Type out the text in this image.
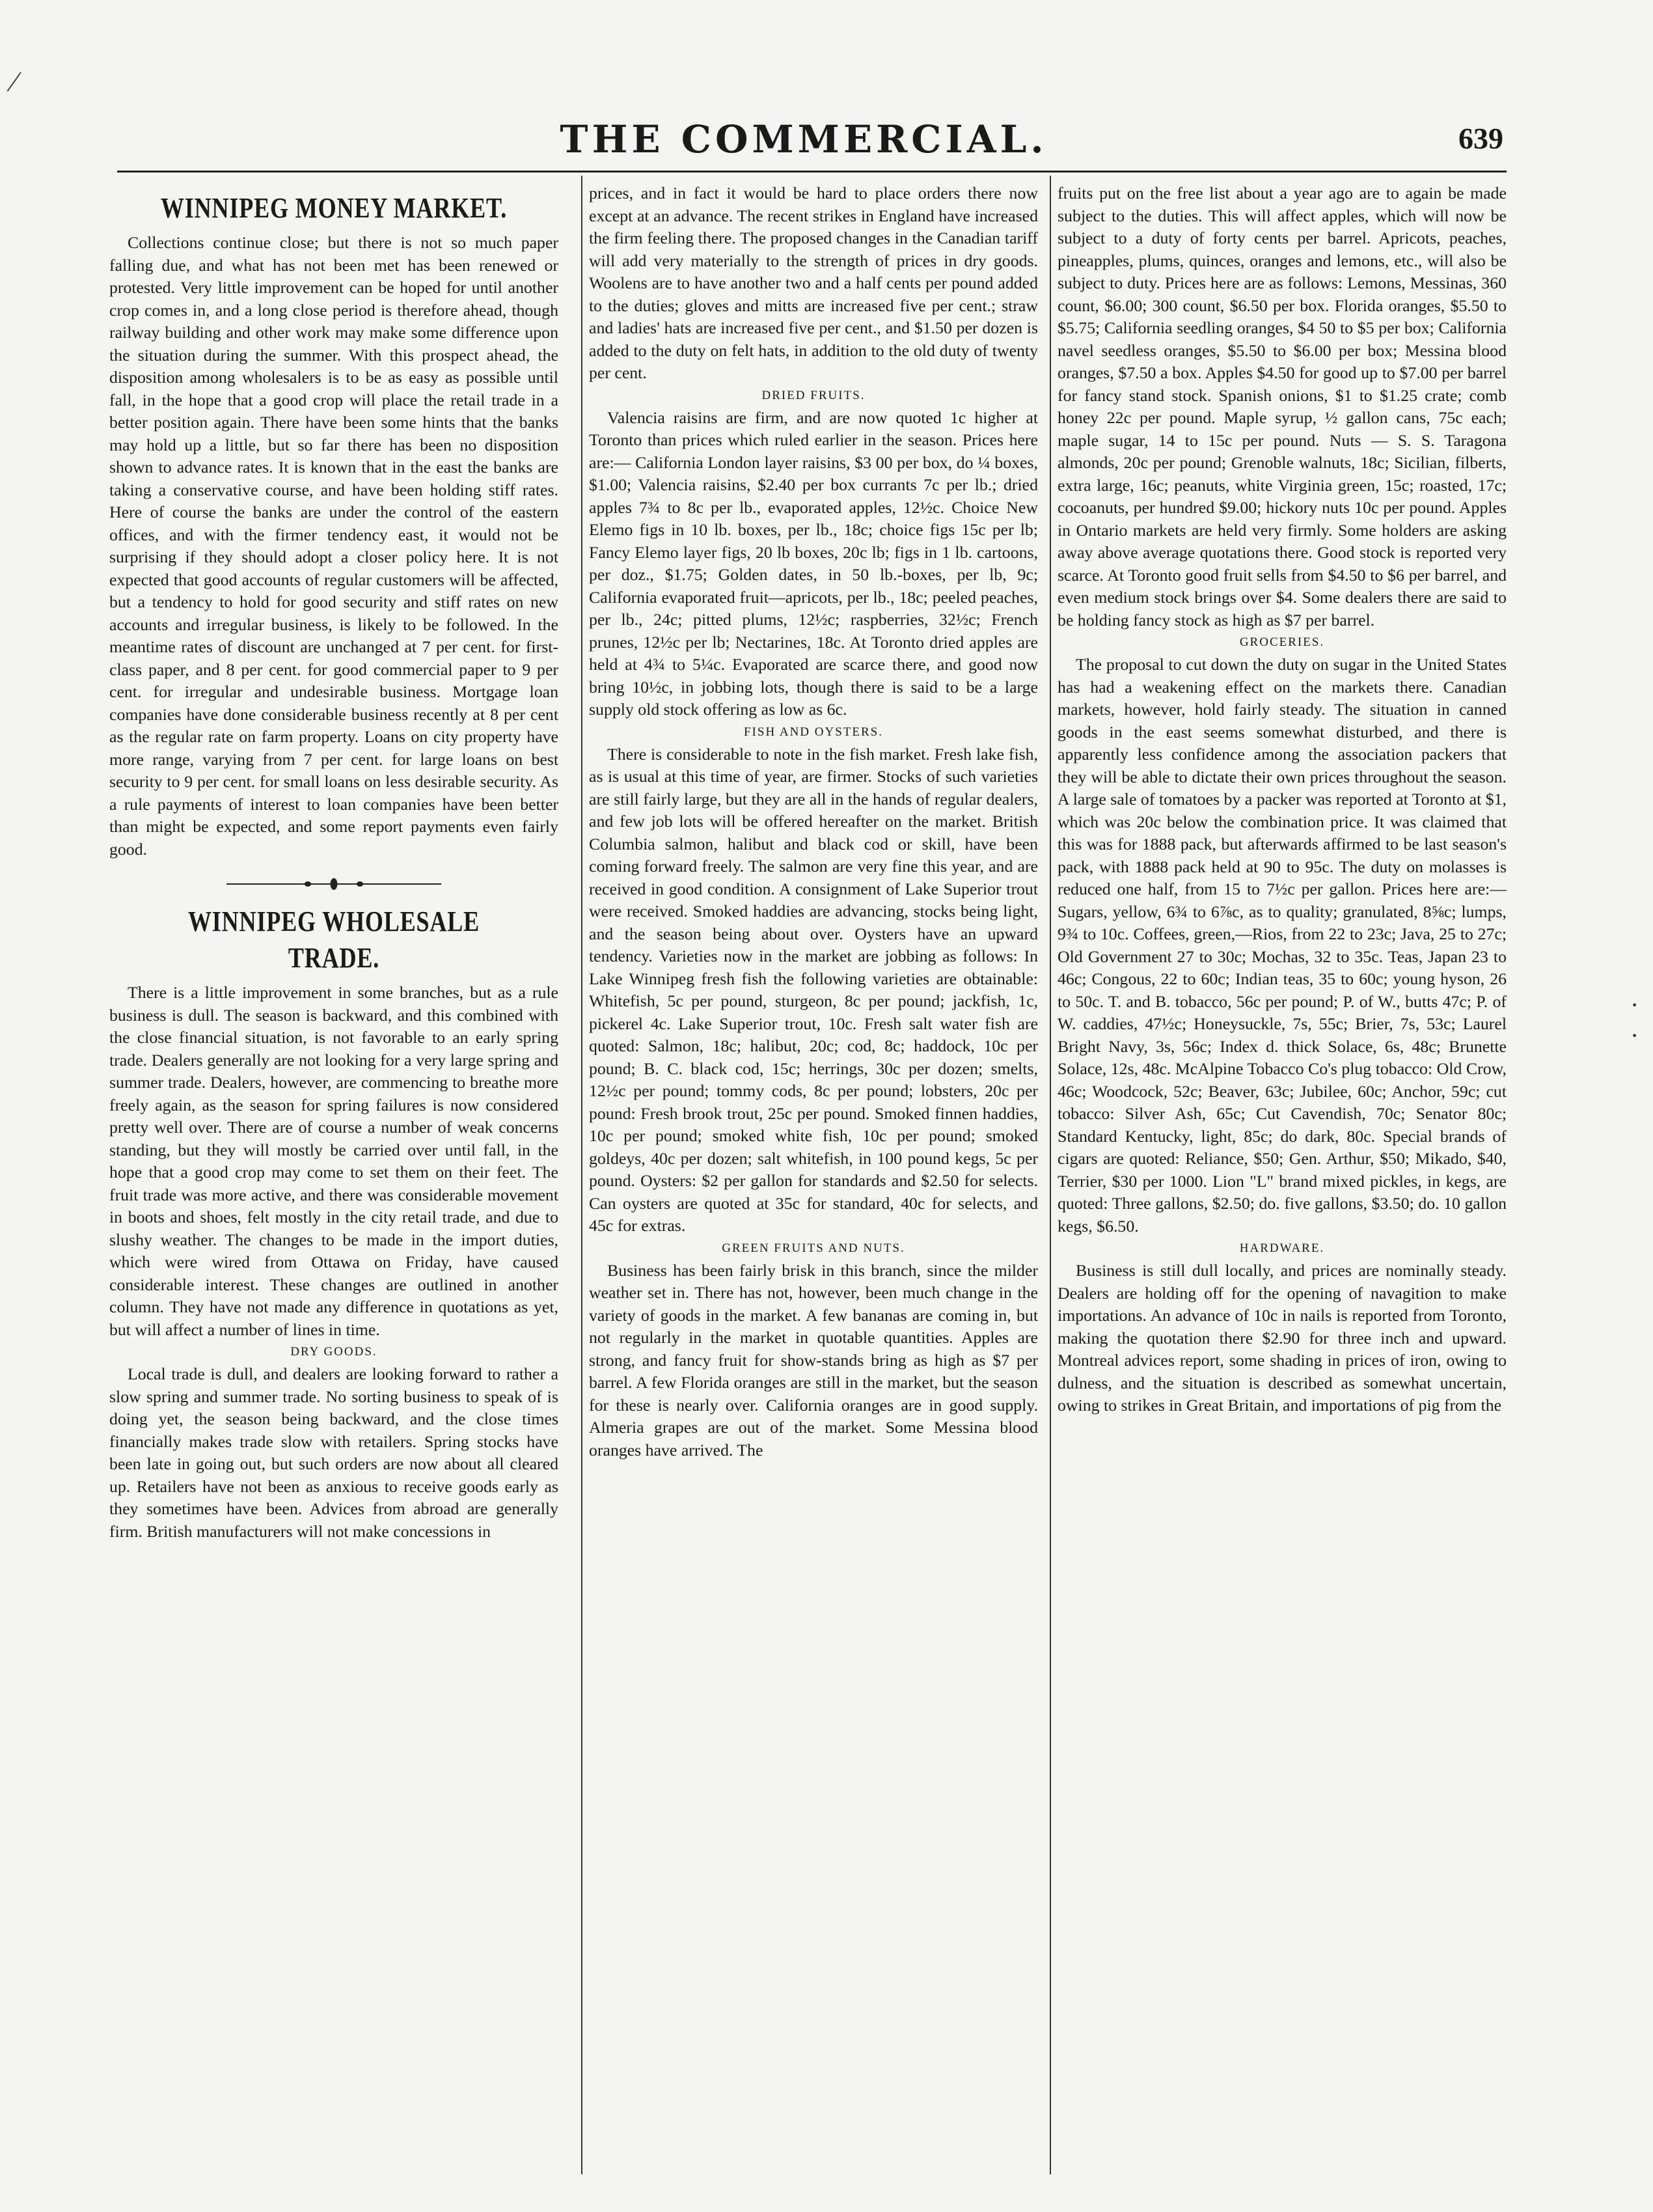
⁄
THE COMMERCIAL.	639
WINNIPEG MONEY MARKET.

Collections continue close; but there is not so much paper falling due, and what has not been met has been renewed or protested. Very little improvement can be hoped for until another crop comes in, and a long close period is therefore ahead, though railway building and other work may make some difference upon the situation during the summer. With this prospect ahead, the disposition among wholesalers is to be as easy as possible until fall, in the hope that a good crop will place the retail trade in a better position again. There have been some hints that the banks may hold up a little, but so far there has been no disposition shown to advance rates. It is known that in the east the banks are taking a conservative course, and have been holding stiff rates. Here of course the banks are under the control of the eastern offices, and with the firmer tendency east, it would not be surprising if they should adopt a closer policy here. It is not expected that good accounts of regular customers will be affected, but a tendency to hold for good security and stiff rates on new accounts and irregular business, is likely to be followed. In the meantime rates of discount are unchanged at 7 per cent. for first-class paper, and 8 per cent. for good commercial paper to 9 per cent. for irregular and undesirable business. Mortgage loan companies have done considerable business recently at 8 per cent as the regular rate on farm property. Loans on city property have more range, varying from 7 per cent. for large loans on best security to 9 per cent. for small loans on less desirable security. As a rule payments of interest to loan companies have been better than might be expected, and some report payments even fairly good.

WINNIPEG WHOLESALE TRADE.

There is a little improvement in some branches, but as a rule business is dull. The season is backward, and this combined with the close financial situation, is not favorable to an early spring trade. Dealers generally are not looking for a very large spring and summer trade. Dealers, however, are commencing to breathe more freely again, as the season for spring failures is now considered pretty well over. There are of course a number of weak concerns standing, but they will mostly be carried over until fall, in the hope that a good crop may come to set them on their feet. The fruit trade was more active, and there was considerable movement in boots and shoes, felt mostly in the city retail trade, and due to slushy weather. The changes to be made in the import duties, which were wired from Ottawa on Friday, have caused considerable interest. These changes are outlined in another column. They have not made any difference in quotations as yet, but will affect a number of lines in time.

DRY GOODS.

Local trade is dull, and dealers are looking forward to rather a slow spring and summer trade. No sorting business to speak of is doing yet, the season being backward, and the close times financially makes trade slow with retailers. Spring stocks have been late in going out, but such orders are now about all cleared up. Retailers have not been as anxious to receive goods early as they sometimes have been. Advices from abroad are generally firm. British manufacturers will not make concessions in

prices, and in fact it would be hard to place orders there now except at an advance. The recent strikes in England have increased the firm feeling there. The proposed changes in the Canadian tariff will add very materially to the strength of prices in dry goods. Woolens are to have another two and a half cents per pound added to the duties; gloves and mitts are increased five per cent.; straw and ladies' hats are increased five per cent., and $1.50 per dozen is added to the duty on felt hats, in addition to the old duty of twenty per cent.

DRIED FRUITS.

Valencia raisins are firm, and are now quoted 1c higher at Toronto than prices which ruled earlier in the season. Prices here are:— California London layer raisins, $3 00 per box, do ¼ boxes, $1.00; Valencia raisins, $2.40 per box currants 7c per lb.; dried apples 7¾ to 8c per lb., evaporated apples, 12½c. Choice New Elemo figs in 10 lb. boxes, per lb., 18c; choice figs 15c per lb; Fancy Elemo layer figs, 20 lb boxes, 20c lb; figs in 1 lb. cartoons, per doz., $1.75; Golden dates, in 50 lb.-boxes, per lb, 9c; California evaporated fruit—apricots, per lb., 18c; peeled peaches, per lb., 24c; pitted plums, 12½c; raspberries, 32½c; French prunes, 12½c per lb; Nectarines, 18c. At Toronto dried apples are held at 4¾ to 5¼c. Evaporated are scarce there, and good now bring 10½c, in jobbing lots, though there is said to be a large supply old stock offering as low as 6c.

FISH AND OYSTERS.

There is considerable to note in the fish market. Fresh lake fish, as is usual at this time of year, are firmer. Stocks of such varieties are still fairly large, but they are all in the hands of regular dealers, and few job lots will be offered hereafter on the market. British Columbia salmon, halibut and black cod or skill, have been coming forward freely. The salmon are very fine this year, and are received in good condition. A consignment of Lake Superior trout were received. Smoked haddies are advancing, stocks being light, and the season being about over. Oysters have an upward tendency. Varieties now in the market are jobbing as follows: In Lake Winnipeg fresh fish the following varieties are obtainable: Whitefish, 5c per pound, sturgeon, 8c per pound; jackfish, 1c, pickerel 4c. Lake Superior trout, 10c. Fresh salt water fish are quoted: Salmon, 18c; halibut, 20c; cod, 8c; haddock, 10c per pound; B. C. black cod, 15c; herrings, 30c per dozen; smelts, 12½c per pound; tommy cods, 8c per pound; lobsters, 20c per pound: Fresh brook trout, 25c per pound. Smoked finnen haddies, 10c per pound; smoked white fish, 10c per pound; smoked goldeys, 40c per dozen; salt whitefish, in 100 pound kegs, 5c per pound. Oysters: $2 per gallon for standards and $2.50 for selects. Can oysters are quoted at 35c for standard, 40c for selects, and 45c for extras.

GREEN FRUITS AND NUTS.

Business has been fairly brisk in this branch, since the milder weather set in. There has not, however, been much change in the variety of goods in the market. A few bananas are coming in, but not regularly in the market in quotable quantities. Apples are strong, and fancy fruit for show-stands bring as high as $7 per barrel. A few Florida oranges are still in the market, but the season for these is nearly over. California oranges are in good supply. Almeria grapes are out of the market. Some Messina blood oranges have arrived. The

fruits put on the free list about a year ago are to again be made subject to the duties. This will affect apples, which will now be subject to a duty of forty cents per barrel. Apricots, peaches, pineapples, plums, quinces, oranges and lemons, etc., will also be subject to duty. Prices here are as follows: Lemons, Messinas, 360 count, $6.00; 300 count, $6.50 per box. Florida oranges, $5.50 to $5.75; California seedling oranges, $4 50 to $5 per box; California navel seedless oranges, $5.50 to $6.00 per box; Messina blood oranges, $7.50 a box. Apples $4.50 for good up to $7.00 per barrel for fancy stand stock. Spanish onions, $1 to $1.25 crate; comb honey 22c per pound. Maple syrup, ½ gallon cans, 75c each; maple sugar, 14 to 15c per pound. Nuts — S. S. Taragona almonds, 20c per pound; Grenoble walnuts, 18c; Sicilian, filberts, extra large, 16c; peanuts, white Virginia green, 15c; roasted, 17c; cocoanuts, per hundred $9.00; hickory nuts 10c per pound. Apples in Ontario markets are held very firmly. Some holders are asking away above average quotations there. Good stock is reported very scarce. At Toronto good fruit sells from $4.50 to $6 per barrel, and even medium stock brings over $4. Some dealers there are said to be holding fancy stock as high as $7 per barrel.

GROCERIES.

The proposal to cut down the duty on sugar in the United States has had a weakening effect on the markets there. Canadian markets, however, hold fairly steady. The situation in canned goods in the east seems somewhat disturbed, and there is apparently less confidence among the association packers that they will be able to dictate their own prices throughout the season. A large sale of tomatoes by a packer was reported at Toronto at $1, which was 20c below the combination price. It was claimed that this was for 1888 pack, but afterwards affirmed to be last season's pack, with 1888 pack held at 90 to 95c. The duty on molasses is reduced one half, from 15 to 7½c per gallon. Prices here are:—Sugars, yellow, 6¾ to 6⅞c, as to quality; granulated, 8⅝c; lumps, 9¾ to 10c. Coffees, green,—Rios, from 22 to 23c; Java, 25 to 27c; Old Government 27 to 30c; Mochas, 32 to 35c. Teas, Japan 23 to 46c; Congous, 22 to 60c; Indian teas, 35 to 60c; young hyson, 26 to 50c. T. and B. tobacco, 56c per pound; P. of W., butts 47c; P. of W. caddies, 47½c; Honeysuckle, 7s, 55c; Brier, 7s, 53c; Laurel Bright Navy, 3s, 56c; Index d. thick Solace, 6s, 48c; Brunette Solace, 12s, 48c. McAlpine Tobacco Co's plug tobacco: Old Crow, 46c; Woodcock, 52c; Beaver, 63c; Jubilee, 60c; Anchor, 59c; cut tobacco: Silver Ash, 65c; Cut Cavendish, 70c; Senator 80c; Standard Kentucky, light, 85c; do dark, 80c. Special brands of cigars are quoted: Reliance, $50; Gen. Arthur, $50; Mikado, $40, Terrier, $30 per 1000. Lion "L" brand mixed pickles, in kegs, are quoted: Three gallons, $2.50; do. five gallons, $3.50; do. 10 gallon kegs, $6.50.

HARDWARE.

Business is still dull locally, and prices are nominally steady. Dealers are holding off for the opening of navagition to make importations. An advance of 10c in nails is reported from Toronto, making the quotation there $2.90 for three inch and upward. Montreal advices report, some shading in prices of iron, owing to dulness, and the situation is described as somewhat uncertain, owing to strikes in Great Britain, and importations of pig from the

· ·
